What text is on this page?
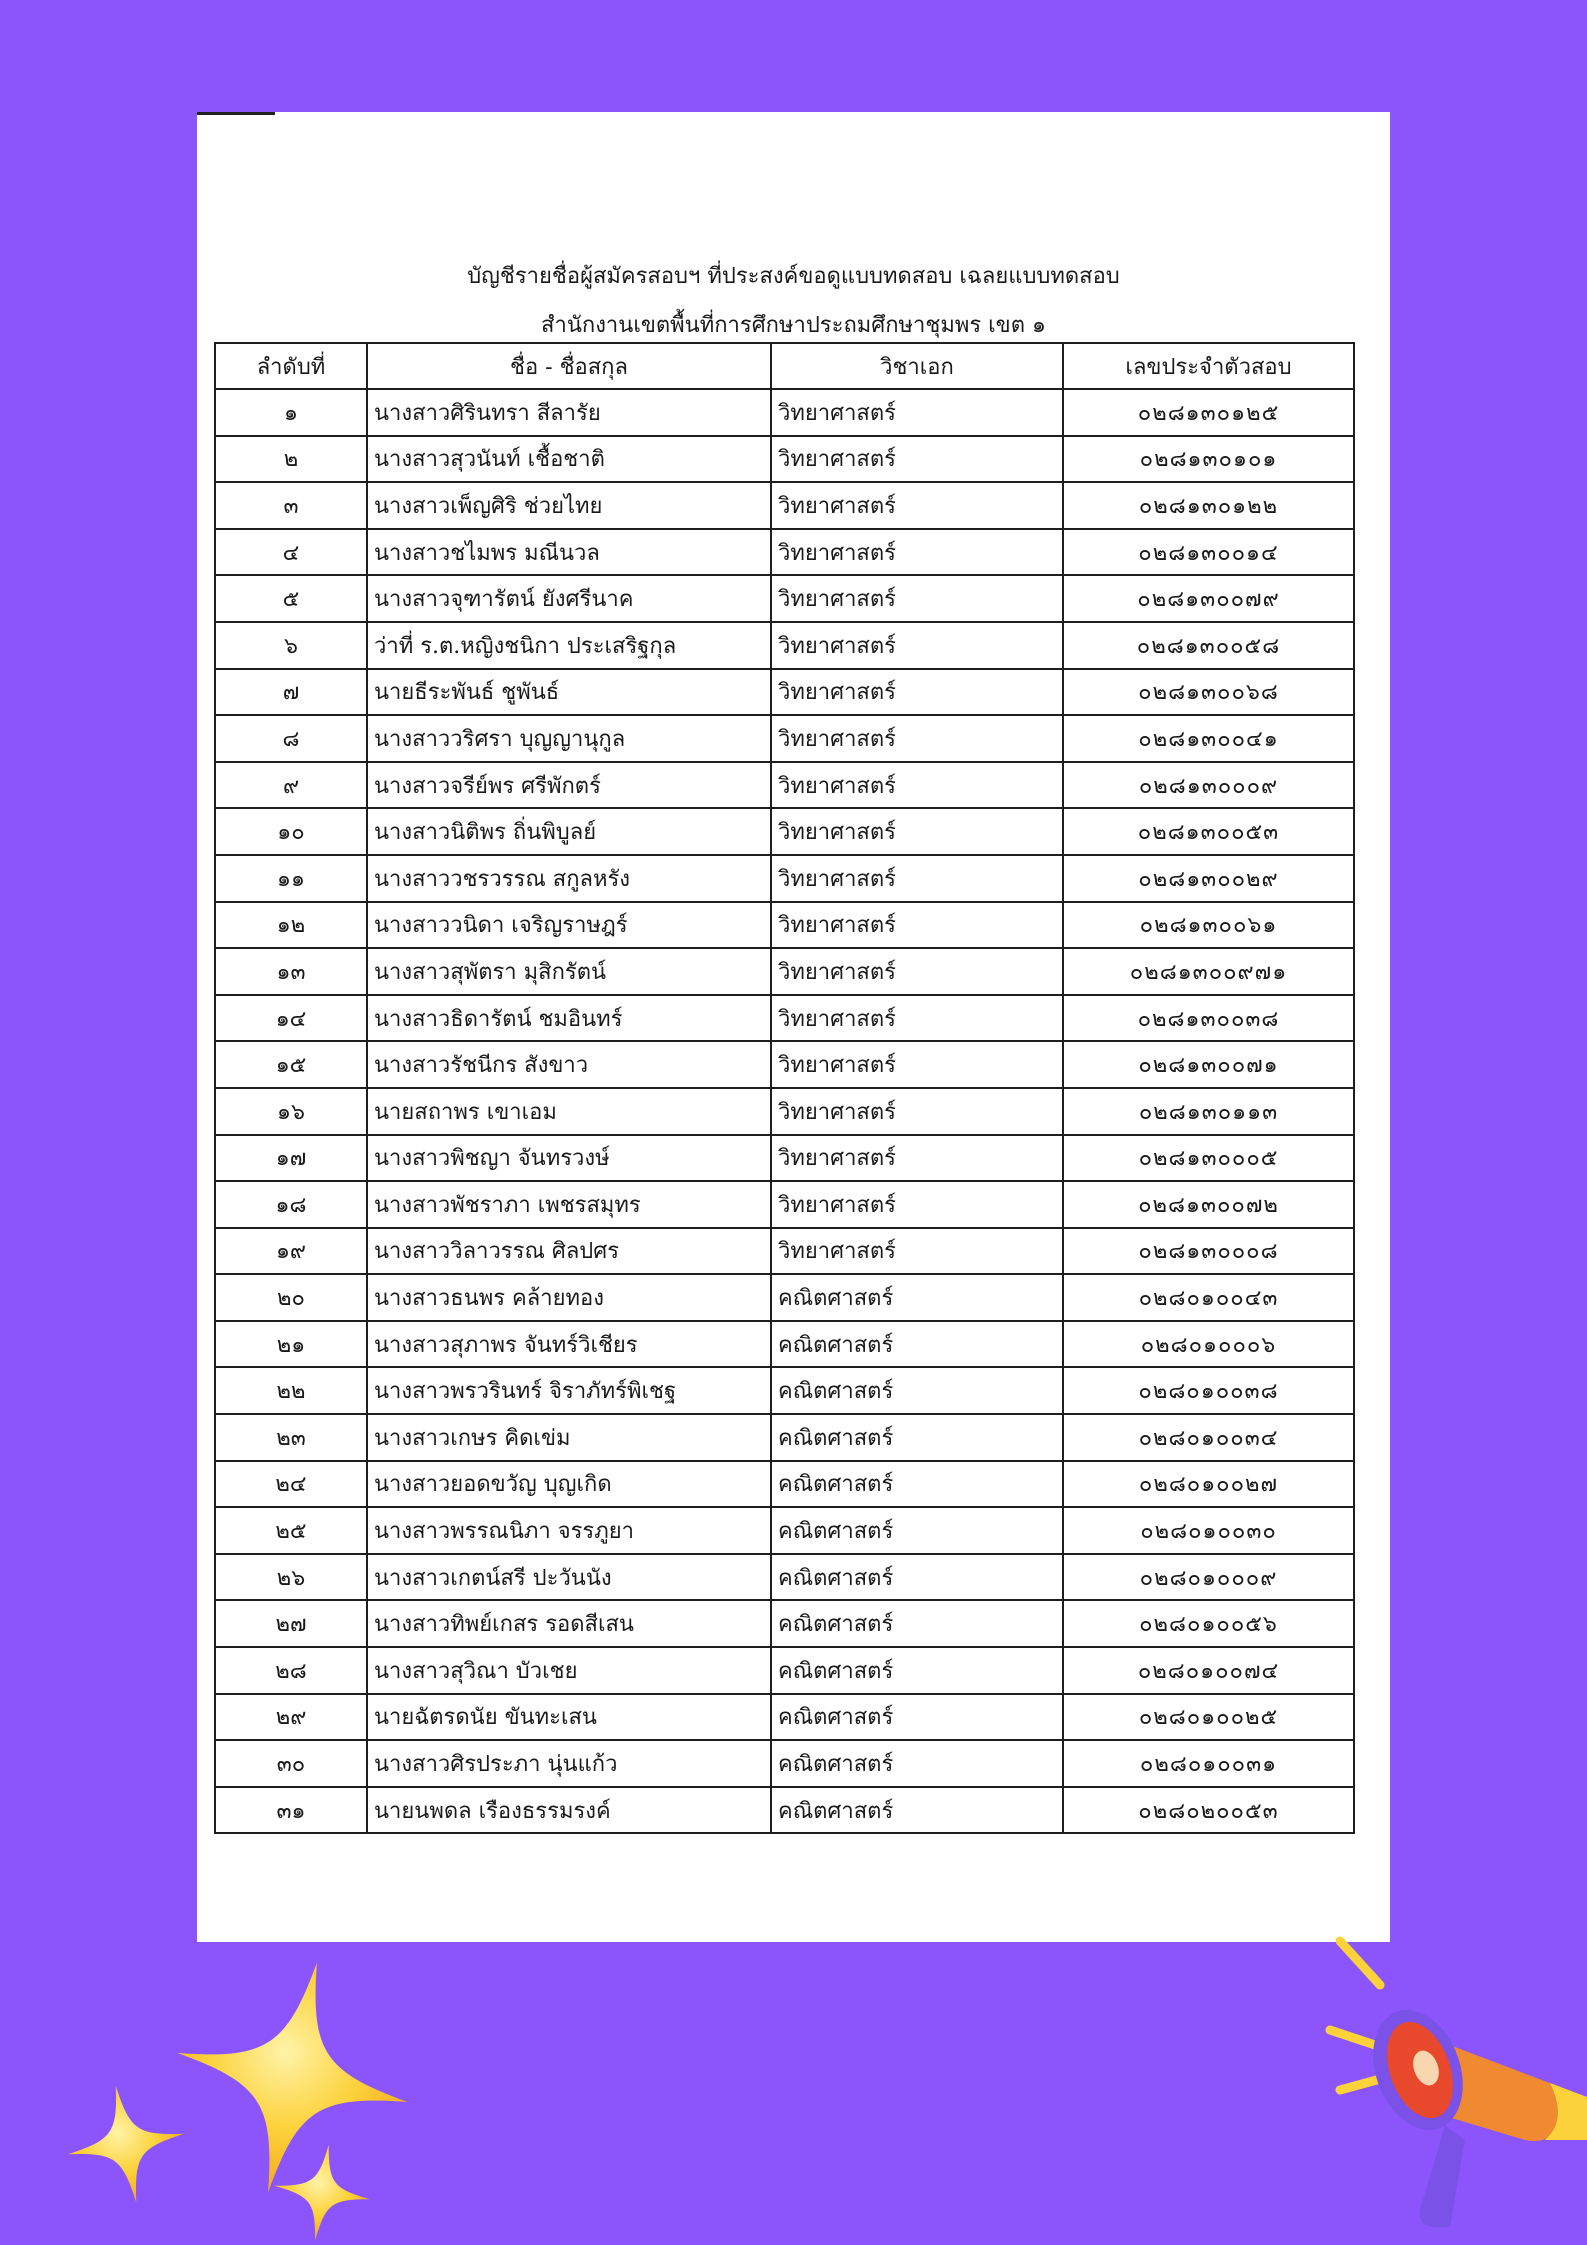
บัญชีรายชื่อผู้สมัครสอบฯ ที่ประสงค์ขอดูแบบทดสอบ เฉลยแบบทดสอบ
สำนักงานเขตพื้นที่การศึกษาประถมศึกษาชุมพร เขต ๑
ลำดับที่	ชื่อ - ชื่อสกุล	วิชาเอก	เลขประจำตัวสอบ
๑	นางสาวศิรินทรา สีลารัย	วิทยาศาสตร์	๐๒๘๑๓๐๑๒๕
๒	นางสาวสุวนันท์ เชื้อชาติ	วิทยาศาสตร์	๐๒๘๑๓๐๑๐๑
๓	นางสาวเพ็ญศิริ ช่วยไทย	วิทยาศาสตร์	๐๒๘๑๓๐๑๒๒
๔	นางสาวชไมพร มณีนวล	วิทยาศาสตร์	๐๒๘๑๓๐๐๑๔
๕	นางสาวจุฑารัตน์ ยังศรีนาค	วิทยาศาสตร์	๐๒๘๑๓๐๐๗๙
๖	ว่าที่ ร.ต.หญิงชนิกา ประเสริฐกุล	วิทยาศาสตร์	๐๒๘๑๓๐๐๕๘
๗	นายธีระพันธ์ ชูพันธ์	วิทยาศาสตร์	๐๒๘๑๓๐๐๖๘
๘	นางสาววริศรา บุญญานุกูล	วิทยาศาสตร์	๐๒๘๑๓๐๐๔๑
๙	นางสาวจรีย์พร ศรีพักตร์	วิทยาศาสตร์	๐๒๘๑๓๐๐๐๙
๑๐	นางสาวนิติพร ถิ่นพิบูลย์	วิทยาศาสตร์	๐๒๘๑๓๐๐๕๓
๑๑	นางสาววชรวรรณ สกูลหรัง	วิทยาศาสตร์	๐๒๘๑๓๐๐๒๙
๑๒	นางสาววนิดา เจริญราษฎร์	วิทยาศาสตร์	๐๒๘๑๓๐๐๖๑
๑๓	นางสาวสุพัตรา มุสิกรัตน์	วิทยาศาสตร์	๐๒๘๑๓๐๐๙๗๑
๑๔	นางสาวธิดารัตน์ ชมอินทร์	วิทยาศาสตร์	๐๒๘๑๓๐๐๓๘
๑๕	นางสาวรัชนีกร สังขาว	วิทยาศาสตร์	๐๒๘๑๓๐๐๗๑
๑๖	นายสถาพร เขาเอม	วิทยาศาสตร์	๐๒๘๑๓๐๑๑๓
๑๗	นางสาวพิชญา จันทรวงษ์	วิทยาศาสตร์	๐๒๘๑๓๐๐๐๕
๑๘	นางสาวพัชราภา เพชรสมุทร	วิทยาศาสตร์	๐๒๘๑๓๐๐๗๒
๑๙	นางสาววิลาวรรณ ศิลปศร	วิทยาศาสตร์	๐๒๘๑๓๐๐๐๘
๒๐	นางสาวธนพร คล้ายทอง	คณิตศาสตร์	๐๒๘๐๑๐๐๔๓
๒๑	นางสาวสุภาพร จันทร์วิเชียร	คณิตศาสตร์	๐๒๘๐๑๐๐๐๖
๒๒	นางสาวพรวรินทร์ จิราภัทร์พิเชฐ	คณิตศาสตร์	๐๒๘๐๑๐๐๓๘
๒๓	นางสาวเกษร คิดเข่ม	คณิตศาสตร์	๐๒๘๐๑๐๐๓๔
๒๔	นางสาวยอดขวัญ บุญเกิด	คณิตศาสตร์	๐๒๘๐๑๐๐๒๗
๒๕	นางสาวพรรณนิภา จรรภูยา	คณิตศาสตร์	๐๒๘๐๑๐๐๓๐
๒๖	นางสาวเกตน์สรี ปะวันนัง	คณิตศาสตร์	๐๒๘๐๑๐๐๐๙
๒๗	นางสาวทิพย์เกสร รอดสีเสน	คณิตศาสตร์	๐๒๘๐๑๐๐๕๖
๒๘	นางสาวสุวิณา บัวเชย	คณิตศาสตร์	๐๒๘๐๑๐๐๗๔
๒๙	นายฉัตรดนัย ขันทะเสน	คณิตศาสตร์	๐๒๘๐๑๐๐๒๕
๓๐	นางสาวศิรประภา นุ่นแก้ว	คณิตศาสตร์	๐๒๘๐๑๐๐๓๑
๓๑	นายนพดล เรืองธรรมรงค์	คณิตศาสตร์	๐๒๘๐๒๐๐๕๓
